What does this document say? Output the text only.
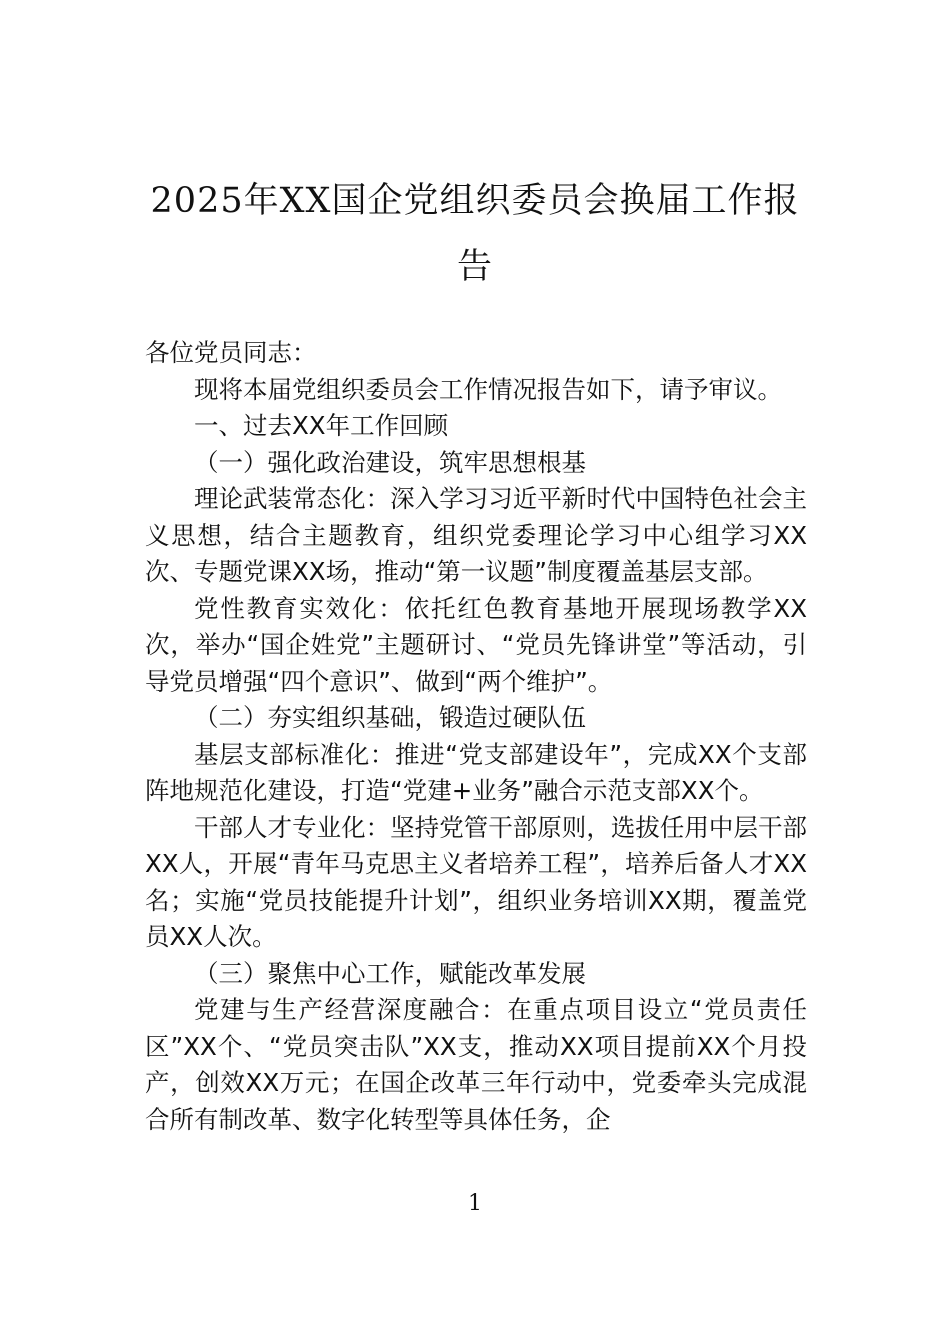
2025年XX国企党组织委员会换届工作报告

各位党员同志：

现将本届党组织委员会工作情况报告如下，请予审议。

一、过去XX年工作回顾

（一）强化政治建设，筑牢思想根基

理论武装常态化：深入学习习近平新时代中国特色社会主义思想，结合主题教育，组织党委理论学习中心组学习XX次、专题党课XX场，推动“第一议题”制度覆盖基层支部。

党性教育实效化：依托红色教育基地开展现场教学XX次，举办“国企姓党”主题研讨、“党员先锋讲堂”等活动，引导党员增强“四个意识”、做到“两个维护”。

（二）夯实组织基础，锻造过硬队伍

基层支部标准化：推进“党支部建设年”，完成XX个支部阵地规范化建设，打造“党建+业务”融合示范支部XX个。

干部人才专业化：坚持党管干部原则，选拔任用中层干部XX人，开展“青年马克思主义者培养工程”，培养后备人才XX名；实施“党员技能提升计划”，组织业务培训XX期，覆盖党员XX人次。

（三）聚焦中心工作，赋能改革发展

党建与生产经营深度融合：在重点项目设立“党员责任区”XX个、“党员突击队”XX支，推动XX项目提前XX个月投产，创效XX万元；在国企改革三年行动中，党委牵头完成混合所有制改革、数字化转型等具体任务，企

1
